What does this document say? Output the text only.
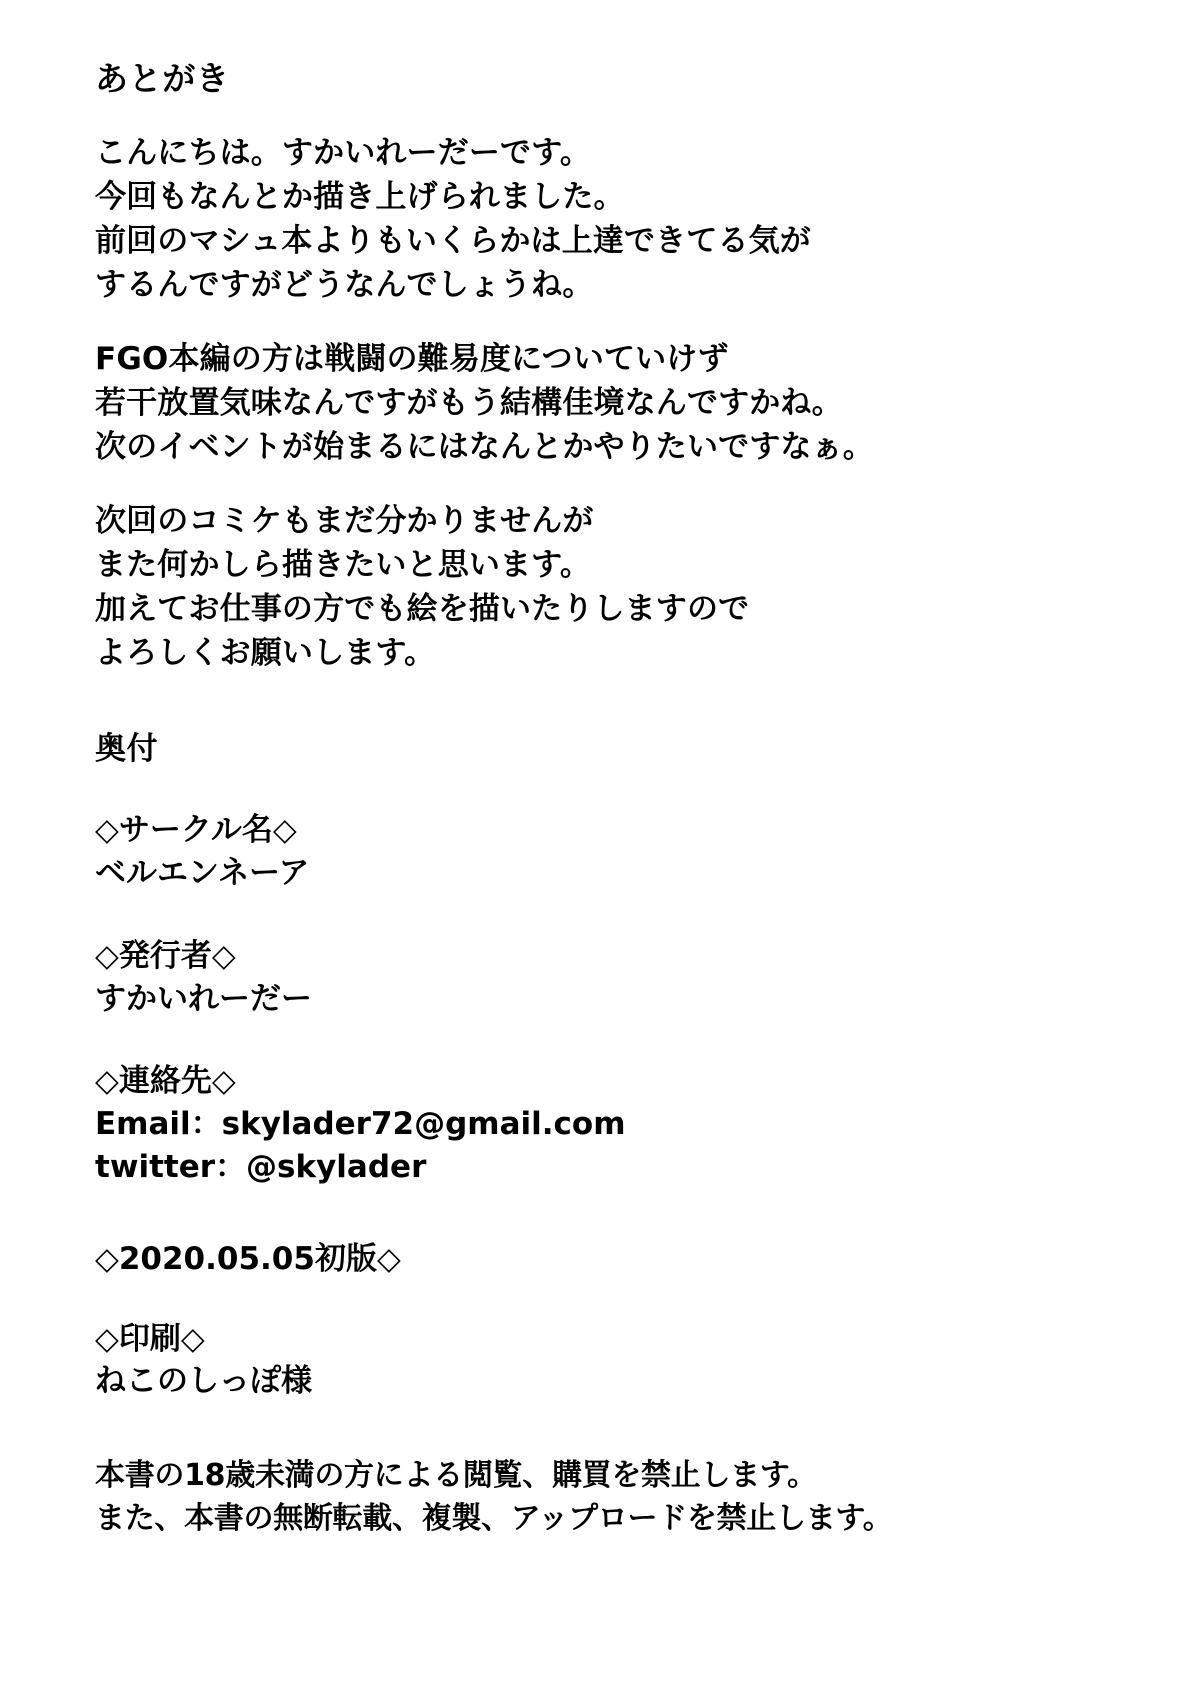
あとがき
こんにちは。すかいれーだーです。
今回もなんとか描き上げられました。
前回のマシュ本よりもいくらかは上達できてる気が
するんですがどうなんでしょうね。
FGO本編の方は戦闘の難易度についていけず
若干放置気味なんですがもう結構佳境なんですかね。
次のイベントが始まるにはなんとかやりたいですなぁ。
次回のコミケもまだ分かりませんが
また何かしら描きたいと思います。
加えてお仕事の方でも絵を描いたりしますので
よろしくお願いします。
奥付
◇サークル名◇
ベルエンネーア
◇発行者◇
すかいれーだー
◇連絡先◇
Email：skylader72@gmail.com
twitter：@skylader
◇2020.05.05初版◇
◇印刷◇
ねこのしっぽ様
本書の18歳未満の方による閲覧、購買を禁止します。
また、本書の無断転載、複製、アップロードを禁止します。
